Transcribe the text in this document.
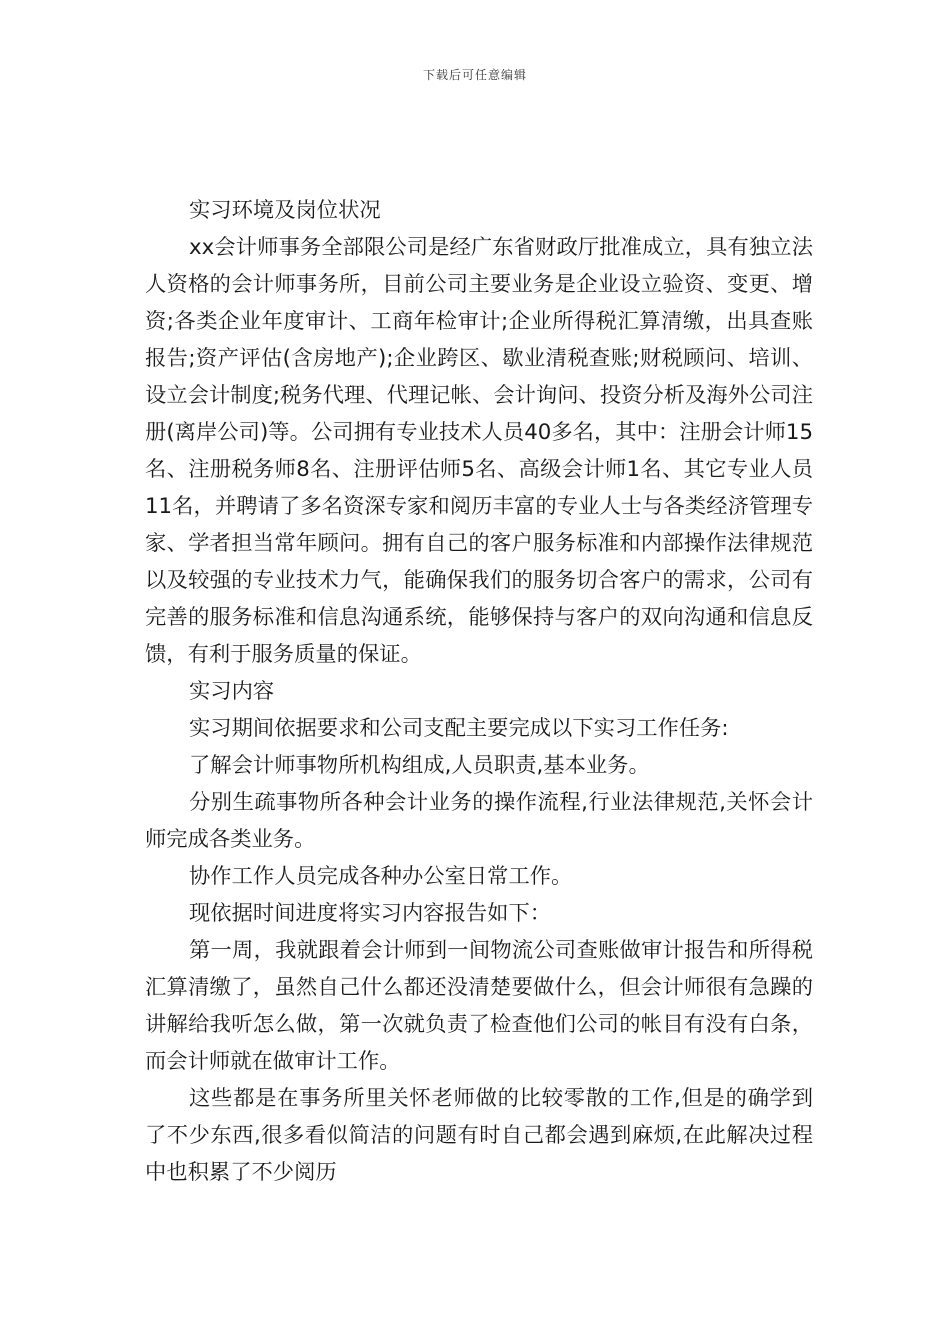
下载后可任意编辑

实习环境及岗位状况

xx会计师事务全部限公司是经广东省财政厅批准成立，具有独立法人资格的会计师事务所，目前公司主要业务是企业设立验资、变更、增资;各类企业年度审计、工商年检审计;企业所得税汇算清缴，出具查账报告;资产评估(含房地产);企业跨区、歇业清税查账;财税顾问、培训、设立会计制度;税务代理、代理记帐、会计询问、投资分析及海外公司注册(离岸公司)等。公司拥有专业技术人员40多名，其中：注册会计师15名、注册税务师8名、注册评估师5名、高级会计师1名、其它专业人员11名，并聘请了多名资深专家和阅历丰富的专业人士与各类经济管理专家、学者担当常年顾问。拥有自己的客户服务标准和内部操作法律规范以及较强的专业技术力气，能确保我们的服务切合客户的需求，公司有完善的服务标准和信息沟通系统，能够保持与客户的双向沟通和信息反馈，有利于服务质量的保证。

实习内容

实习期间依据要求和公司支配主要完成以下实习工作任务:

了解会计师事物所机构组成,人员职责,基本业务。

分别生疏事物所各种会计业务的操作流程,行业法律规范,关怀会计师完成各类业务。

协作工作人员完成各种办公室日常工作。

现依据时间进度将实习内容报告如下：

第一周，我就跟着会计师到一间物流公司查账做审计报告和所得税汇算清缴了，虽然自己什么都还没清楚要做什么，但会计师很有急躁的讲解给我听怎么做，第一次就负责了检查他们公司的帐目有没有白条，而会计师就在做审计工作。

这些都是在事务所里关怀老师做的比较零散的工作,但是的确学到了不少东西,很多看似简洁的问题有时自己都会遇到麻烦,在此解决过程中也积累了不少阅历
